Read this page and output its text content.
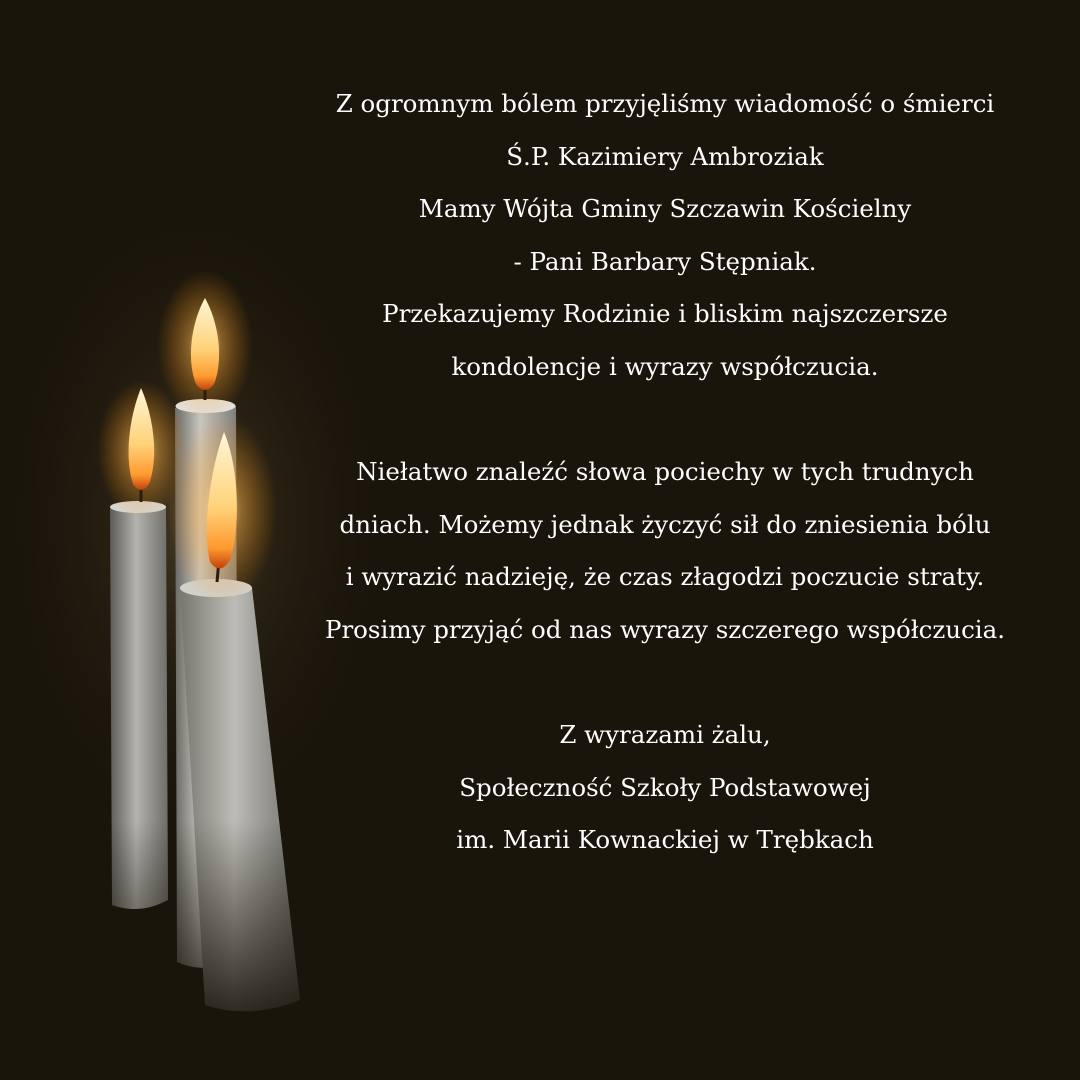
Z ogromnym bólem przyjęliśmy wiadomość o śmierci
Ś.P. Kazimiery Ambroziak
Mamy Wójta Gminy Szczawin Kościelny
- Pani Barbary Stępniak.
Przekazujemy Rodzinie i bliskim najszczersze
kondolencje i wyrazy współczucia.
Niełatwo znaleźć słowa pociechy w tych trudnych
dniach. Możemy jednak życzyć sił do zniesienia bólu
i wyrazić nadzieję, że czas złagodzi poczucie straty.
Prosimy przyjąć od nas wyrazy szczerego współczucia.
Z wyrazami żalu,
Społeczność Szkoły Podstawowej
im. Marii Kownackiej w Trębkach
